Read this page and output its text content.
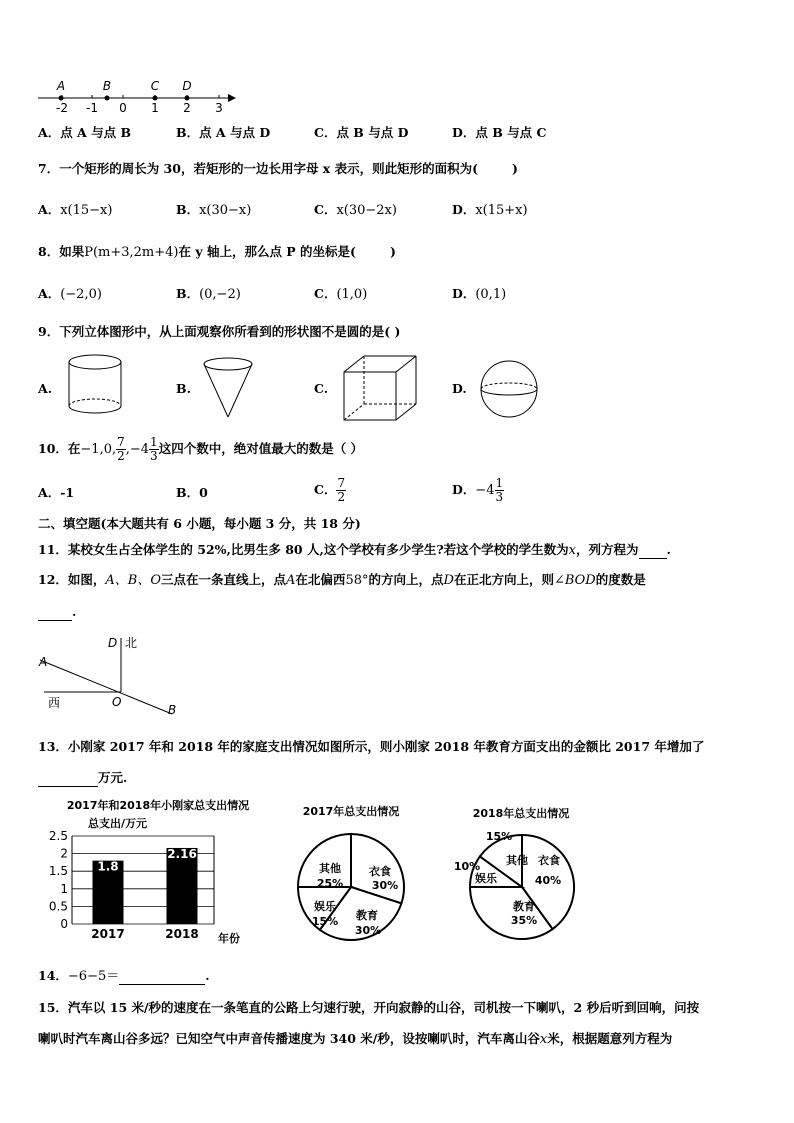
-2 -1 0 1 2 3
A	B	C D
A．点 A 与点 B	B．点 A 与点 D	C．点 B 与点 D	D．点 B 与点 C
7．一个矩形的周长为 30，若矩形的一边长用字母 x 表示，则此矩形的面积为(	)
A．x(15−x)	B．x(30−x)	C．x(30−2x)	D．x(15+x)
8．如果P(m+3,2m+4)在 y 轴上，那么点 P 的坐标是(	)
A．(−2,0)	B．(0,−2)	C．(1,0)	D．(0,1)
9．下列立体图形中，从上面观察你所看到的形状图不是圆的是( )
A.	B.	C.	D.
10．在−1,0, $\frac{7}{2} ,-4 \frac{1}{3}$ 这四个数中，绝对值最大的数是（ ）
A．-1	B．0	C． $\frac{7}{2}$	D．$-4 \frac{1}{3}$
二、填空题(本大题共有 6 小题，每小题 3 分，共 18 分)
11．某校女生占全体学生的 52%,比男生多 80 人,这个学校有多少学生?若这个学校的学生数为x，列方程为 .
12．如图，A、B、O三点在一条直线上，点A在北偏西58°的方向上，点D在正北方向上，则∠BOD的度数是
.
D 北
A
西	O
B
13．小刚家 2017 年和 2018 年的家庭支出情况如图所示，则小刚家 2018 年教育方面支出的金额比 2017 年增加了
万元.
2017年和2018年小刚家总支出情况
总支出/万元
年份
0
0.5
1
1.5
2
2.5
1.8
2017
2.16
2018
2017年总支出情况
衣食
30%
教育
30%
娱乐
15%
其他
25%
2018年总支出情况
衣食
40%
教育
35%
娱乐
10% 其他
15%
14．−6−5＝	.
15．汽车以 15 米/秒的速度在一条笔直的公路上匀速行驶，开向寂静的山谷，司机按一下喇叭，2 秒后听到回响，问按
喇叭时汽车离山谷多远？已知空气中声音传播速度为 340 米/秒，设按喇叭时，汽车离山谷x米，根据题意列方程为
